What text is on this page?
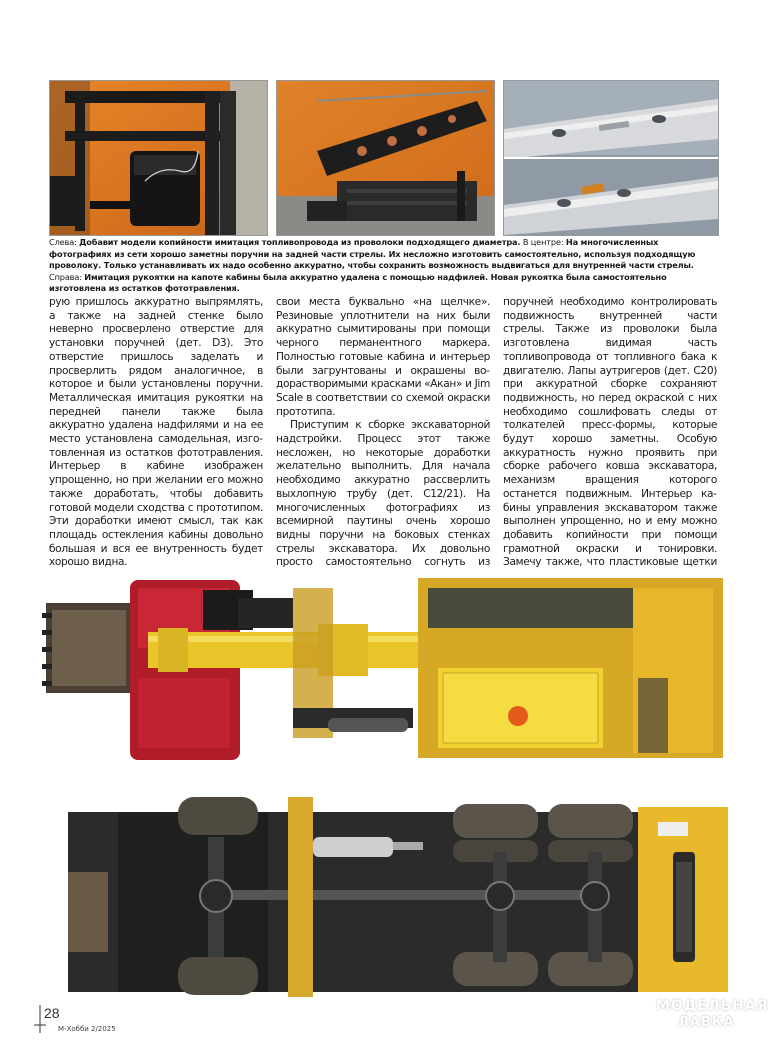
Слева: Добавит модели копийности имитация топливопровода из проволоки подходящего диаметра. В центре: На многочисленных фотографиях из сети хорошо заметны поручни на задней части стрелы. Их несложно изготовить самостоятельно, используя подходящую проволоку. Только устанавливать их надо особенно аккуратно, чтобы сохранить возможность выдвигаться для внутренней части стрелы. Справа: Имитация рукоятки на капоте кабины была аккуратно удалена с помощью надфилей. Новая рукоятка была самостоятельно изготовлена из остатков фототравления.

рую пришлось аккуратно выпрямлять, а также на задней стенке было неверно просверлено отверстие для установки поручней (дет. D3). Это отверстие пришлось заделать и просверлить рядом аналогичное, в которое и были установлены поручни. Металлическая имитация рукоятки на передней панели также была аккуратно удалена надфилями и на ее место установлена самодельная, изготовленная из остатков фототравления. Интерьер в кабине изображен упрощенно, но при желании его можно также доработать, чтобы добавить готовой модели сходства с прототипом. Эти доработки имеют смысл, так как площадь остекления кабины довольно большая и вся ее внутренность будет хорошо видна.

свои места буквально «на щелчке». Резиновые уплотнители на них были аккуратно сымитированы при помощи черного перманентного маркера. Полностью готовые кабина и интерьер были загрунтованы и окрашены водорастворимыми красками «Акан» и Jim Scale в соответствии со схемой окраски прототипа.

Приступим к сборке экскаваторной надстройки. Процесс этот также несложен, но некоторые доработки желательно выполнить. Для начала необходимо аккуратно рассверлить выхлопную трубу (дет. C12/21). На многочисленных фотографиях из всемирной паутины очень хорошо видны поручни на боковых стенках стрелы экскаватора. Их довольно просто самостоятельно согнуть из

поручней необходимо контролировать подвижность внутренней части стрелы. Также из проволоки была изготовлена видимая часть топливопровода от топливного бака к двигателю. Лапы аутригеров (дет. C20) при аккуратной сборке сохраняют подвижность, но перед окраской с них необходимо сошлифовать следы от толкателей пресс-формы, которые будут хорошо заметны. Особую аккуратность нужно проявить при сборке рабочего ковша экскаватора, механизм вращения которого останется подвижным. Интерьер кабины управления экскаватором также выполнен упрощенно, но и ему можно добавить копийности при помощи грамотной окраски и тонировки. Замечу также, что пластиковые щетки

28
М-Хобби 2/2025
МОДЕЛЬНАЯ
ЛАВКА
